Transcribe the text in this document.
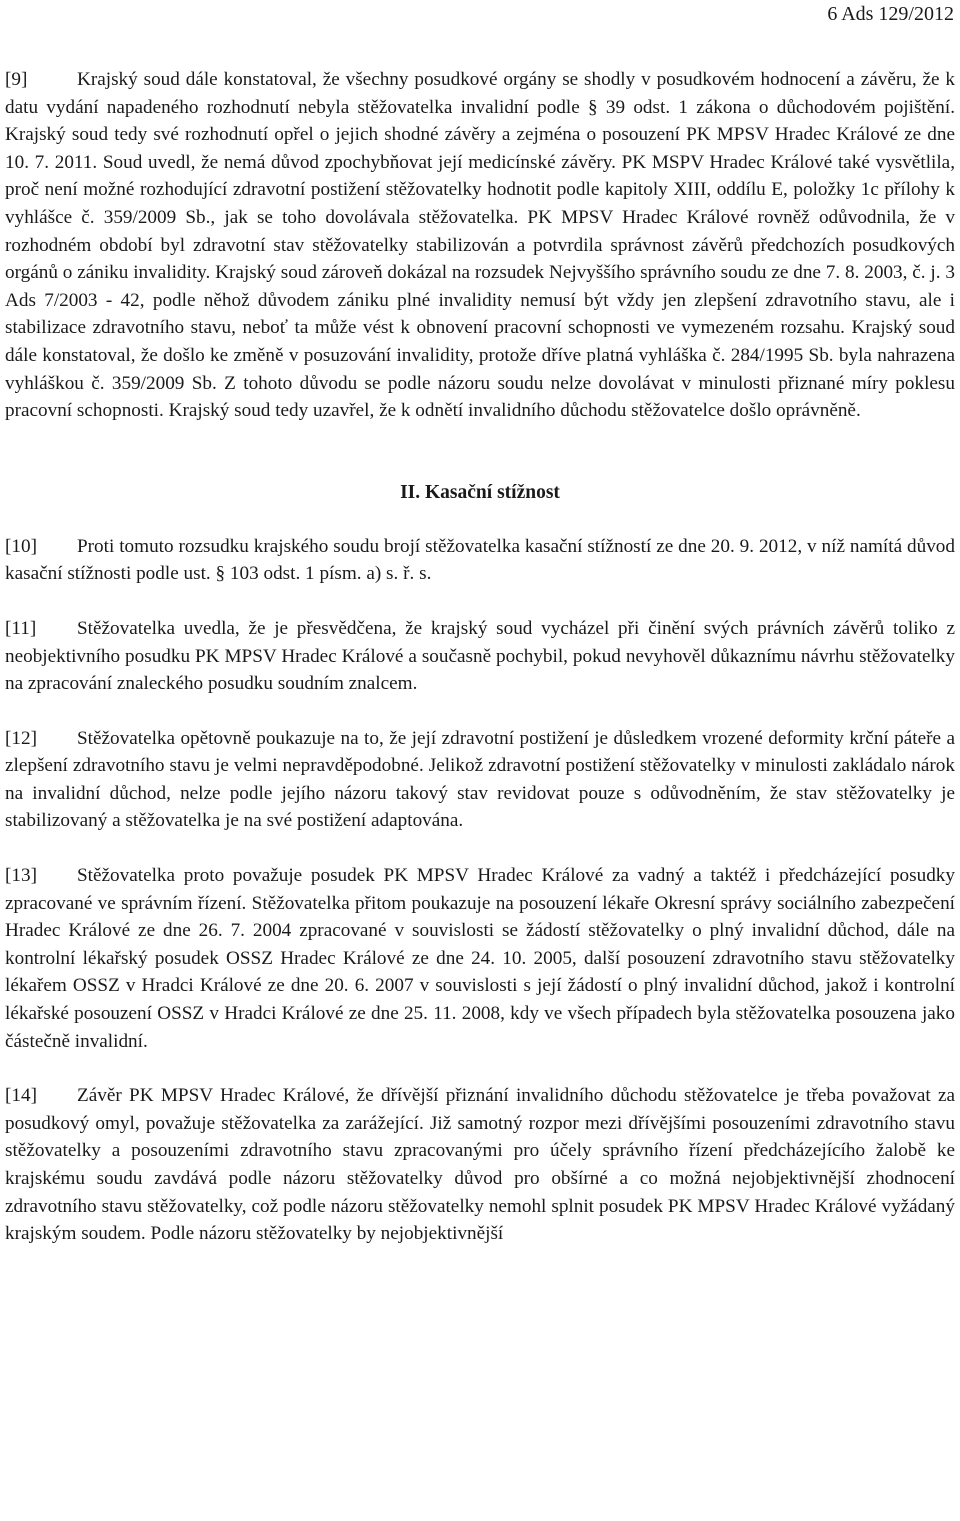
6 Ads 129/2012

[9]	Krajský soud dále konstatoval, že všechny posudkové orgány se shodly v posudkovém hodnocení a závěru, že k datu vydání napadeného rozhodnutí nebyla stěžovatelka invalidní podle § 39 odst. 1 zákona o důchodovém pojištění. Krajský soud tedy své rozhodnutí opřel o jejich shodné závěry a zejména o posouzení PK MPSV Hradec Králové ze dne 10. 7. 2011. Soud uvedl, že nemá důvod zpochybňovat její medicínské závěry. PK MSPV Hradec Králové také vysvětlila, proč není možné rozhodující zdravotní postižení stěžovatelky hodnotit podle kapitoly XIII, oddílu E, položky 1c přílohy k vyhlášce č. 359/2009 Sb., jak se toho dovolávala stěžovatelka. PK MPSV Hradec Králové rovněž odůvodnila, že v rozhodném období byl zdravotní stav stěžovatelky stabilizován a potvrdila správnost závěrů předchozích posudkových orgánů o zániku invalidity. Krajský soud zároveň dokázal na rozsudek Nejvyššího správního soudu ze dne 7. 8. 2003, č. j. 3 Ads 7/2003 - 42, podle něhož důvodem zániku plné invalidity nemusí být vždy jen zlepšení zdravotního stavu, ale i stabilizace zdravotního stavu, neboť ta může vést k obnovení pracovní schopnosti ve vymezeném rozsahu. Krajský soud dále konstatoval, že došlo ke změně v posuzování invalidity, protože dříve platná vyhláška č. 284/1995 Sb. byla nahrazena vyhláškou č. 359/2009 Sb. Z tohoto důvodu se podle názoru soudu nelze dovolávat v minulosti přiznané míry poklesu pracovní schopnosti. Krajský soud tedy uzavřel, že k odnětí invalidního důchodu stěžovatelce došlo oprávněně.

II. Kasační stížnost

[10] Proti tomuto rozsudku krajského soudu brojí stěžovatelka kasační stížností ze dne 20. 9. 2012, v níž namítá důvod kasační stížnosti podle ust. § 103 odst. 1 písm. a) s. ř. s.

[11] Stěžovatelka uvedla, že je přesvědčena, že krajský soud vycházel při činění svých právních závěrů toliko z neobjektivního posudku PK MPSV Hradec Králové a současně pochybil, pokud nevyhověl důkaznímu návrhu stěžovatelky na zpracování znaleckého posudku soudním znalcem.

[12] Stěžovatelka opětovně poukazuje na to, že její zdravotní postižení je důsledkem vrozené deformity krční páteře a zlepšení zdravotního stavu je velmi nepravděpodobné. Jelikož zdravotní postižení stěžovatelky v minulosti zakládalo nárok na invalidní důchod, nelze podle jejího názoru takový stav revidovat pouze s odůvodněním, že stav stěžovatelky je stabilizovaný a stěžovatelka je na své postižení adaptována.

[13] Stěžovatelka proto považuje posudek PK MPSV Hradec Králové za vadný a taktéž i předcházející posudky zpracované ve správním řízení. Stěžovatelka přitom poukazuje na posouzení lékaře Okresní správy sociálního zabezpečení Hradec Králové ze dne 26. 7. 2004 zpracované v souvislosti se žádostí stěžovatelky o plný invalidní důchod, dále na kontrolní lékařský posudek OSSZ Hradec Králové ze dne 24. 10. 2005, další posouzení zdravotního stavu stěžovatelky lékařem OSSZ v Hradci Králové ze dne 20. 6. 2007 v souvislosti s její žádostí o plný invalidní důchod, jakož i kontrolní lékařské posouzení OSSZ v Hradci Králové ze dne 25. 11. 2008, kdy ve všech případech byla stěžovatelka posouzena jako částečně invalidní.

[14] Závěr PK MPSV Hradec Králové, že dřívější přiznání invalidního důchodu stěžovatelce je třeba považovat za posudkový omyl, považuje stěžovatelka za zarážející. Již samotný rozpor mezi dřívějšími posouzeními zdravotního stavu stěžovatelky a posouzeními zdravotního stavu zpracovanými pro účely správního řízení předcházejícího žalobě ke krajskému soudu zavdává podle názoru stěžovatelky důvod pro obšírné a co možná nejobjektivnější zhodnocení zdravotního stavu stěžovatelky, což podle názoru stěžovatelky nemohl splnit posudek PK MPSV Hradec Králové vyžádaný krajským soudem. Podle názoru stěžovatelky by nejobjektivnější
